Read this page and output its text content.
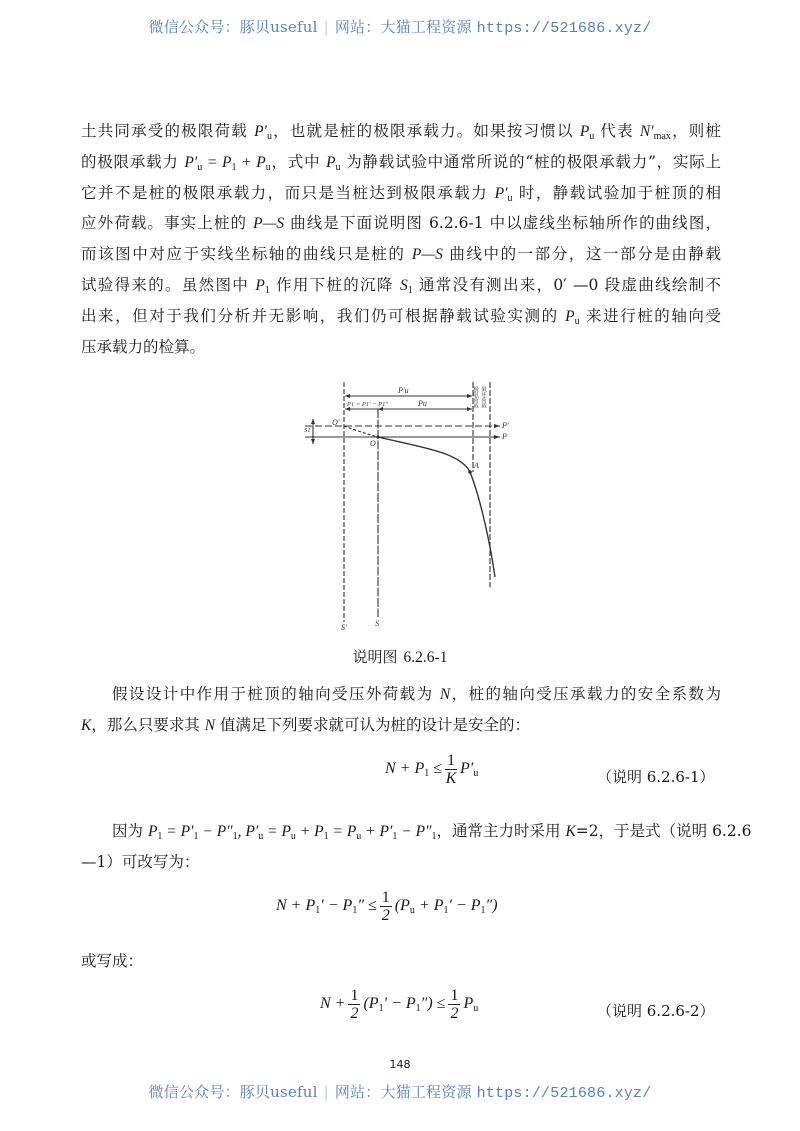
微信公众号：豚贝useful | 网站：大猫工程资源 https://521686.xyz/
土共同承受的极限荷载 $P'_u$，也就是桩的极限承载力。如果按习惯以 $P_u$ 代表 $N'_{max}$，则桩
的极限承载力 $P'_u = P_1 + P_u$，式中 $P_u$ 为静载试验中通常所说的“桩的极限承载力”，实际上
它并不是桩的极限承载力，而只是当桩达到极限承载力 $P'_u$ 时，静载试验加于桩顶的相
应外荷载。事实上桩的 P—S 曲线是下面说明图 6.2.6-1 中以虚线坐标轴所作的曲线图，
而该图中对应于实线坐标轴的曲线只是桩的 P—S 曲线中的一部分，这一部分是由静载
试验得来的。虽然图中 $P_1$ 作用下桩的沉降 $S_1$ 通常没有测出来，0′ —0 段虚曲线绘制不
出来，但对于我们分析并无影响，我们仍可根据静载试验实测的 $P_u$ 来进行桩的轴向受
压承载力的检算。
P′u
P1 = P1′ − P1″	Pu
O′
O
P′
P
S1
A
S′	S
极限荷载 破坏荷载
说明图 6.2.6-1
假设设计中作用于桩顶的轴向受压外荷载为 N，桩的轴向受压承载力的安全系数为
K，那么只要求其 N 值满足下列要求就可认为桩的设计是安全的：
$N + P_1 \le \frac{1}{K} P'_u$	（说明 6.2.6-1）
因为 $P_1 = P'_1 - P''_1$, $P'_u = P_u + P_1 = P_u + P'_1 - P''_1$，通常主力时采用 K=2，于是式（说明 6.2.6
—1）可改写为：
$N + P_1' - P_1'' \le \frac{1}{2} (P_u + P_1' - P_1'')$
或写成：
$N + \frac{1}{2} (P_1' - P_1'') \le \frac{1}{2} P_u$	（说明 6.2.6-2）
148
微信公众号：豚贝useful | 网站：大猫工程资源 https://521686.xyz/
